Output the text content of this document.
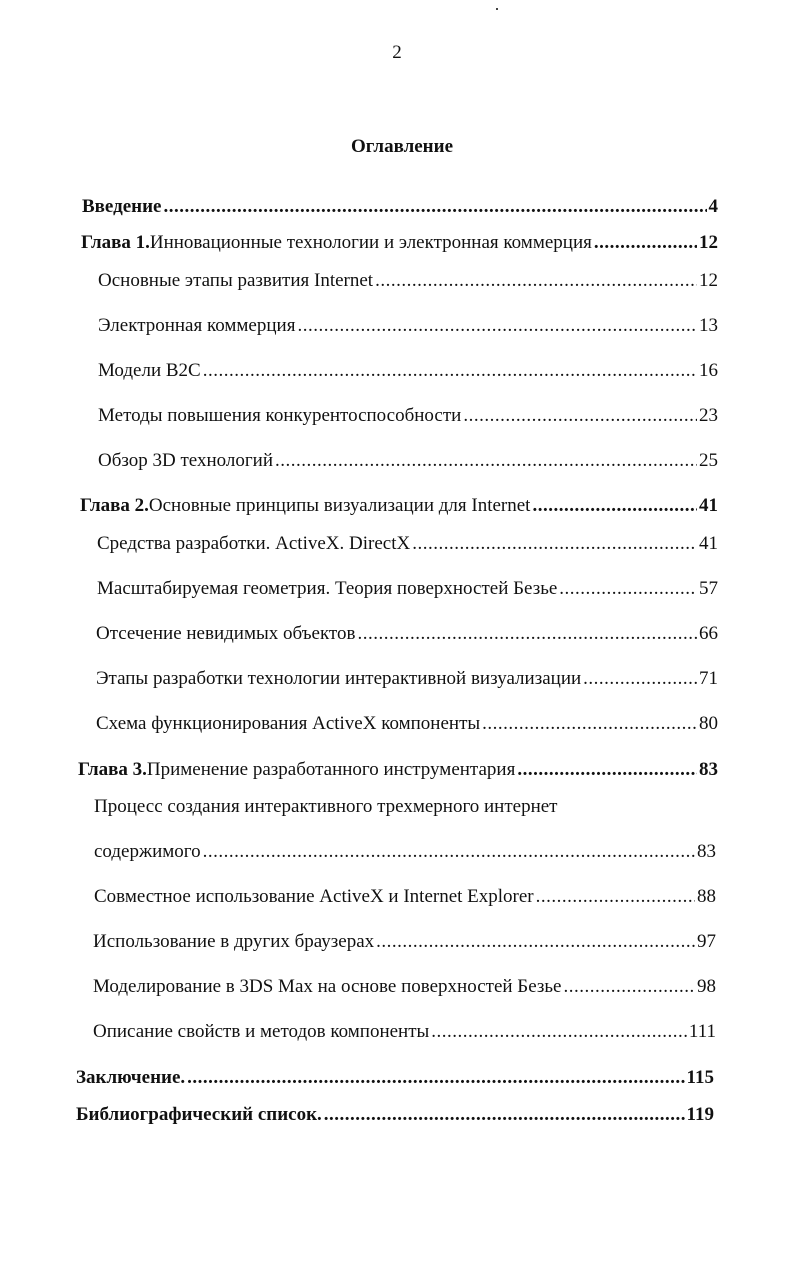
2
Оглавление
Введение .....	4
Глава 1. Инновационные технологии и электронная коммерция .....	12
Основные этапы развития Internet .....	12
Электронная коммерция .....	13
Модели B2C .....	16
Методы повышения конкурентоспособности .....	23
Обзор 3D технологий .....	25
Глава 2. Основные принципы визуализации для Internet .....	41
Средства разработки. ActiveX. DirectX .....	41
Масштабируемая геометрия. Теория поверхностей Безье .....	57
Отсечение невидимых объектов .....	66
Этапы разработки технологии интерактивной визуализации .....	71
Схема функционирования ActiveX компоненты .....	80
Глава 3. Применение разработанного инструментария .....	83
Процесс создания интерактивного трехмерного интернет
содержимого .....	83
Совместное использование ActiveX и Internet Explorer .....	88
Использование в других браузерах .....	97
Моделирование в 3DS Max на основе поверхностей Безье .....	98
Описание свойств и методов компоненты .....	111
Заключение. .....	115
Библиографический список. .....	119
